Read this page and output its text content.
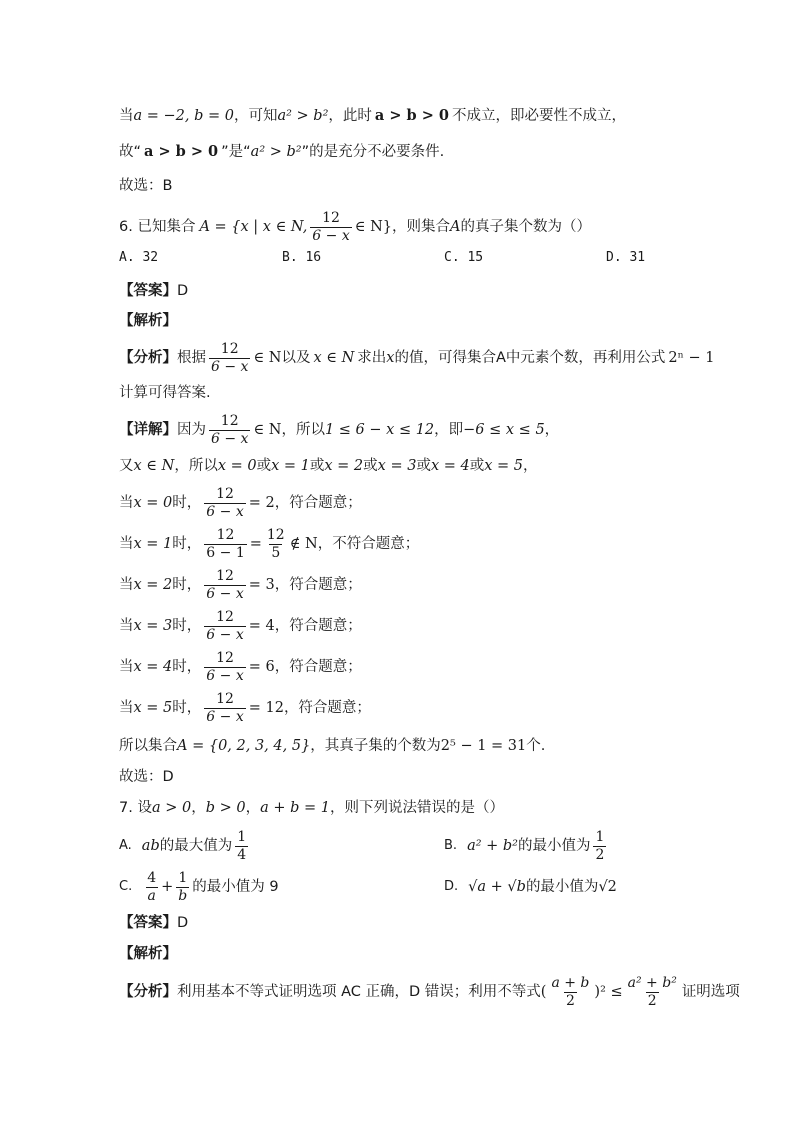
当 a = −2, b = 0 ，可知 a² > b² ，此时 a > b > 0 不成立，即必要性不成立，
故“ a > b > 0 ”是“ a² > b² ”的是充分不必要条件.
故选：B
6. 已知集合 A = {x | x ∈ N, $\frac{12}{6 - x}$ ∈ N} ，则集合 A 的真子集个数为（）
A. 32	B. 16	C. 15	D. 31
【答案】 D
【解析】
【分析】 根据 $\frac{12}{6 - x}$ ∈ N 以及 x ∈ N 求出 x 的值，可得集合A中元素个数，再利用公式 2ⁿ − 1
计算可得答案.
【详解】 因为 $\frac{12}{6 - x}$ ∈ N ，所以 1 ≤ 6 − x ≤ 12 ，即 −6 ≤ x ≤ 5 ，
又 x ∈ N ，所以 x = 0 或 x = 1 或 x = 2 或 x = 3 或 x = 4 或 x = 5 ，
当 x = 0 时， $\frac{12}{6 - x} = 2$ ，符合题意；
当 x = 1 时， $\frac{12}{6 - 1} = \frac{12}{5}$ ∉ N ，不符合题意；
当 x = 2 时， $\frac{12}{6 - x} = 3$ ，符合题意；
当 x = 3 时， $\frac{12}{6 - x} = 4$ ，符合题意；
当 x = 4 时， $\frac{12}{6 - x} = 6$ ，符合题意；
当 x = 5 时， $\frac{12}{6 - x} = 12$ ，符合题意；
所以集合 A = {0, 2, 3, 4, 5} ，其真子集的个数为 2⁵ − 1 = 31 个.
故选：D
7. 设 a > 0 ， b > 0 ， a + b = 1 ，则下列说法错误的是（）
A. ab 的最大值为 $\frac{1}{4}$	B. a² + b² 的最小值为 $\frac{1}{2}$
C. $\frac{4}{a} + \frac{1}{b}$ 的最小值为 9	D. √a + √b 的最小值为 √2
【答案】 D
【解析】
【分析】 利用基本不等式证明选项 AC 正确，D 错误；利用不等式 ( $\frac{a + b}{2} )^2 \le \frac{\text{a² + b²}}{2}$ 证明选项
